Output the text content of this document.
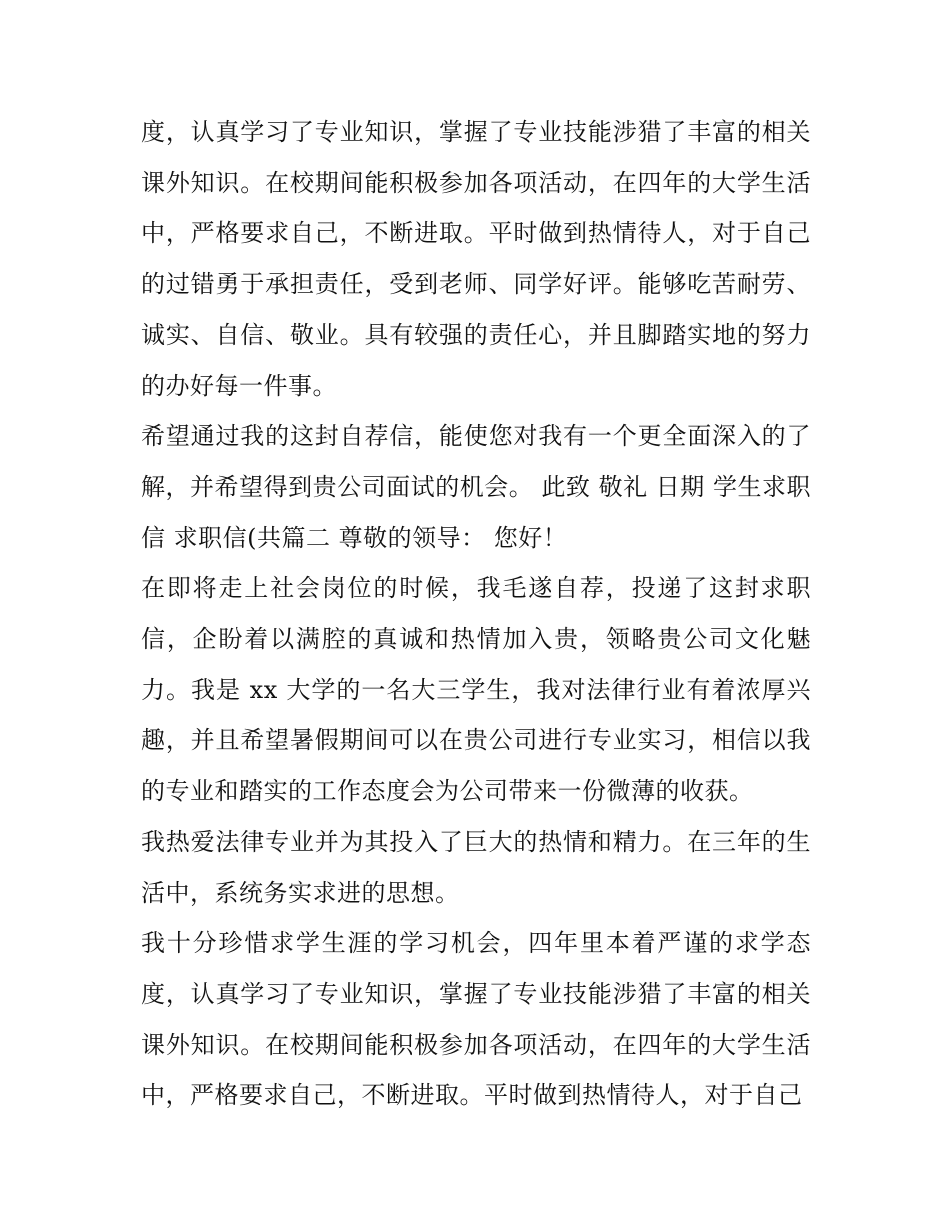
度，认真学习了专业知识，掌握了专业技能涉猎了丰富的相关课外知识。在校期间能积极参加各项活动，在四年的大学生活中，严格要求自己，不断进取。平时做到热情待人，对于自己的过错勇于承担责任，受到老师、同学好评。能够吃苦耐劳、诚实、自信、敬业。具有较强的责任心，并且脚踏实地的努力的办好每一件事。

希望通过我的这封自荐信，能使您对我有一个更全面深入的了解，并希望得到贵公司面试的机会。 此致 敬礼 日期 学生求职信 求职信(共篇二 尊敬的领导： 您好！

在即将走上社会岗位的时候，我毛遂自荐，投递了这封求职信，企盼着以满腔的真诚和热情加入贵，领略贵公司文化魅力。我是 xx 大学的一名大三学生，我对法律行业有着浓厚兴趣，并且希望暑假期间可以在贵公司进行专业实习，相信以我的专业和踏实的工作态度会为公司带来一份微薄的收获。

我热爱法律专业并为其投入了巨大的热情和精力。在三年的生活中，系统务实求进的思想。

我十分珍惜求学生涯的学习机会，四年里本着严谨的求学态度，认真学习了专业知识，掌握了专业技能涉猎了丰富的相关课外知识。在校期间能积极参加各项活动，在四年的大学生活中，严格要求自己，不断进取。平时做到热情待人，对于自己
